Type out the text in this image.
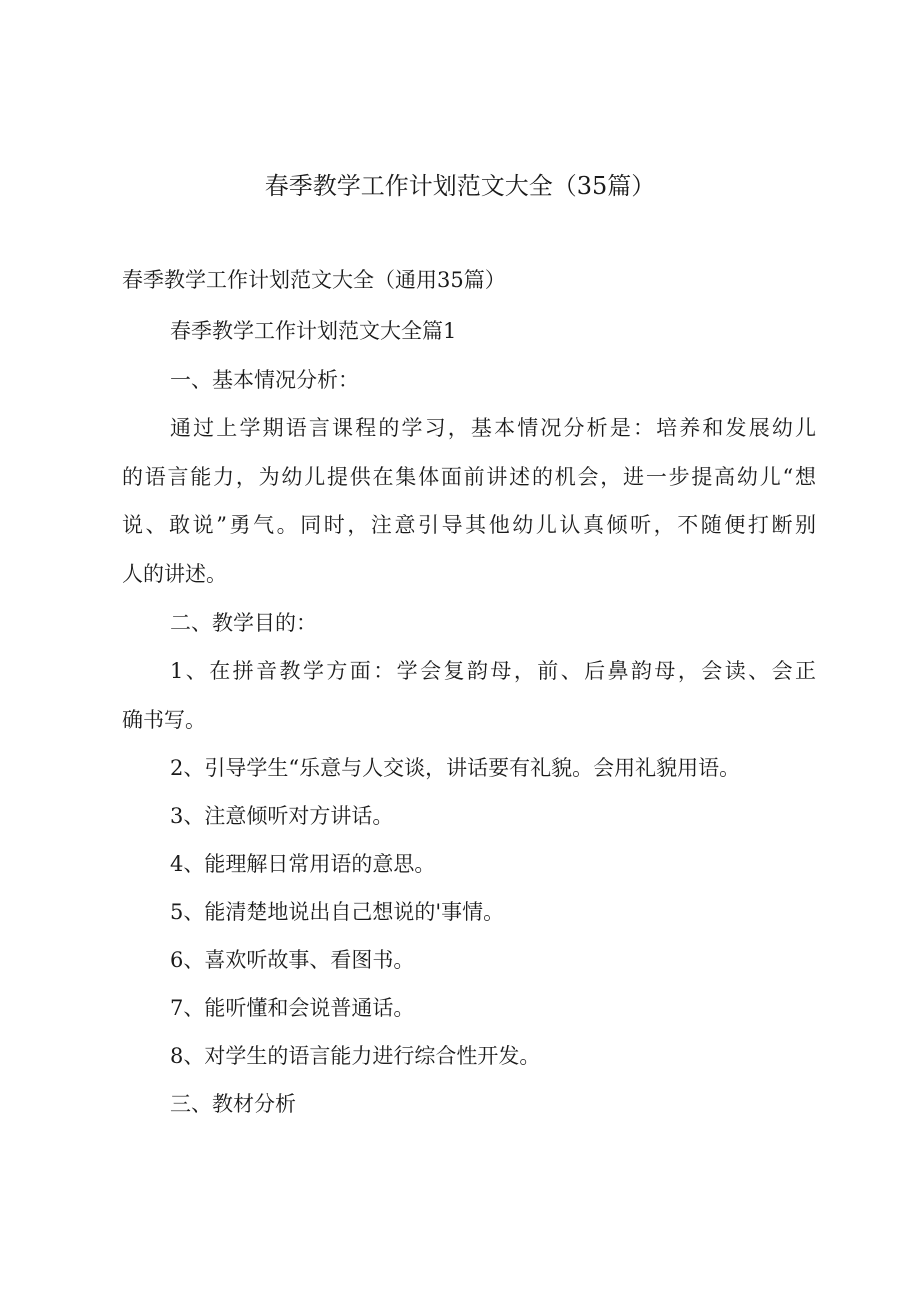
春季教学工作计划范文大全（35篇）
春季教学工作计划范文大全（通用35篇）
春季教学工作计划范文大全篇1
一、基本情况分析：
通过上学期语言课程的学习，基本情况分析是：培养和发展幼儿
的语言能力，为幼儿提供在集体面前讲述的机会，进一步提高幼儿“想
说、敢说”勇气。同时，注意引导其他幼儿认真倾听，不随便打断别
人的讲述。
二、教学目的：
1、在拼音教学方面：学会复韵母，前、后鼻韵母，会读、会正
确书写。
2、引导学生“乐意与人交谈，讲话要有礼貌。会用礼貌用语。
3、注意倾听对方讲话。
4、能理解日常用语的意思。
5、能清楚地说出自己想说的'事情。
6、喜欢听故事、看图书。
7、能听懂和会说普通话。
8、对学生的语言能力进行综合性开发。
三、教材分析
